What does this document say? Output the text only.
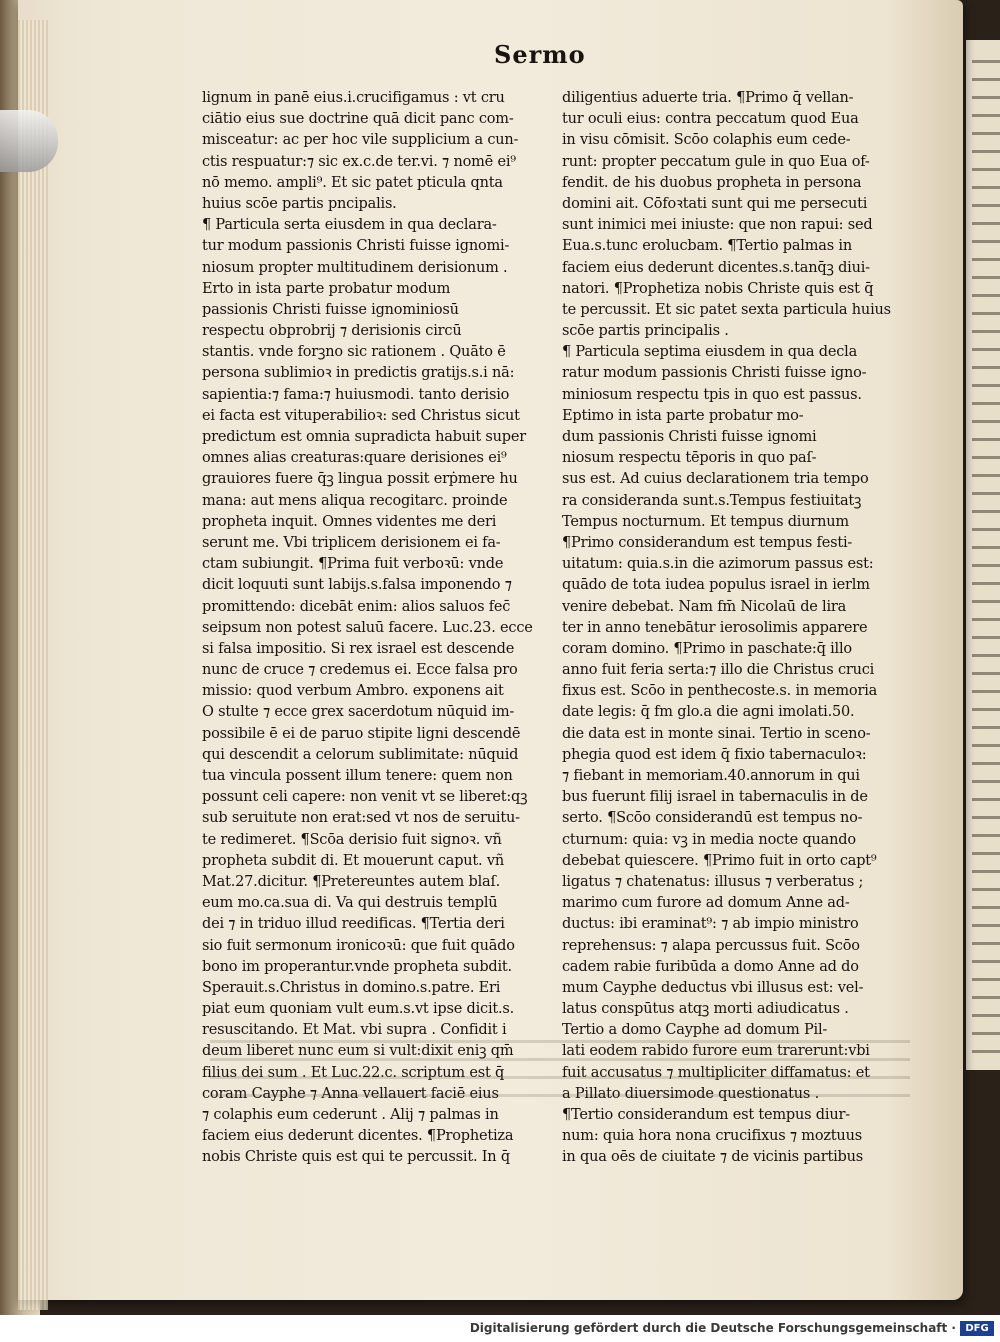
Sermo
lignum in panē eius.i.crucifigamus : vt cru
ciātio eius sue doctrine quā dicit panc com-
misceatur: ac per hoc vile supplicium a cun-
ctis respuatur:⁊ sic ex.c.de ter.vi. ⁊ nomē ei⁹
nō memo. ampli⁹. Et sic patet pticula qnta
huius scōe partis pncipalis.
¶ Particula serta eiusdem in qua declara-
tur modum passionis Christi fuisse ignomi-
niosum propter multitudinem derisionum .
Erto in ista parte probatur modum
passionis Christi fuisse ignominiosū
respectu obprobrij ⁊ derisionis circū
stantis. vnde forꝫno sic rationem . Quāto ē
persona sublimioꝛ in predictis gratijs.s.i nā:
sapientia:⁊ fama:⁊ huiusmodi. tanto derisio
ei facta est vituperabilioꝛ: sed Christus sicut
predictum est omnia supradicta habuit super
omnes alias creaturas:quare derisiones ei⁹
grauiores fuere q̄ꝫ lingua possit erṗmere hu
mana: aut mens aliqua recogitarc. proinde
propheta inquit. Omnes videntes me deri
serunt me. Vbi triplicem derisionem ei fa-
ctam subiungit. ¶Prima fuit verboꝛū: vnde
dicit loquuti sunt labijs.s.falsa imponendo ⁊
promittendo: dicebāt enim: alios saluos fec̄
seipsum non potest saluū facere. Luc.23. ecce
si falsa impositio. Si rex israel est descende
nunc de cruce ⁊ credemus ei. Ecce falsa pro
missio: quod verbum Ambro. exponens ait
O stulte ⁊ ecce grex sacerdotum nūquid im-
possibile ē ei de paruo stipite ligni descendē
qui descendit a celorum sublimitate: nūquid
tua vincula possent illum tenere: quem non
possunt celi capere: non venit vt se liberet:qꝫ
sub seruitute non erat:sed vt nos de seruitu-
te redimeret. ¶Scōa derisio fuit signoꝛ. vñ
propheta subdit di. Et mouerunt caput. vñ
Mat.27.dicitur. ¶Pretereuntes autem blaſ.
eum mo.ca.sua di. Va qui destruis templū
dei ⁊ in triduo illud reedificas. ¶Tertia deri
sio fuit sermonum ironicoꝛū: que fuit quādo
bono im properantur.vnde propheta subdit.
Sperauit.s.Christus in domino.s.patre. Eri
piat eum quoniam vult eum.s.vt ipse dicit.s.
resuscitando. Et Mat. vbi supra . Confidit i
deum liberet nunc eum si vult:dixit eniꝫ qm̄
filius dei sum . Et Luc.22.c. scriptum est q̄
coram Cayphe ⁊ Anna vellauert faciē eius
⁊ colaphis eum cederunt . Alij ⁊ palmas in
faciem eius dederunt dicentes. ¶Prophetiza
nobis Christe quis est qui te percussit. In q̄
diligentius aduerte tria. ¶Primo q̄ vellan-
tur oculi eius: contra peccatum quod Eua
in visu cōmisit. Scōo colaphis eum cede-
runt: propter peccatum gule in quo Eua of-
fendit. de his duobus propheta in persona
domini ait. Cōfoꝛtati sunt qui me persecuti
sunt inimici mei iniuste: que non rapui: sed
Eua.s.tunc erolucbam. ¶Tertio palmas in
faciem eius dederunt dicentes.s.tanq̄ꝫ diui-
natori. ¶Prophetiza nobis Christe quis est q̄
te percussit. Et sic patet sexta particula huius
scōe partis principalis .
¶ Particula septima eiusdem in qua decla
ratur modum passionis Christi fuisse igno-
miniosum respectu tpis in quo est passus.
Eptimo in ista parte probatur mo-
dum passionis Christi fuisse ignomi
niosum respectu tēporis in quo paſ-
sus est. Ad cuius declarationem tria tempo
ra consideranda sunt.s.Tempus festiuitatꝫ
Tempus nocturnum. Et tempus diurnum
¶Primo considerandum est tempus festi-
uitatum: quia.s.in die azimorum passus est:
quādo de tota iudea populus israel in ierlm
venire debebat. Nam fm̄ Nicolaū de lira
ter in anno tenebātur ierosolimis apparere
coram domino. ¶Primo in paschate:q̄ illo
anno fuit feria serta:⁊ illo die Christus cruci
fixus est. Scōo in penthecoste.s. in memoria
date legis: q̄ fm glo.a die agni imolati.50.
die data est in monte sinai. Tertio in sceno-
phegia quod est idem q̄ fixio tabernaculoꝛ:
⁊ fiebant in memoriam.40.annorum in qui
bus fuerunt filij israel in tabernaculis in de
serto. ¶Scōo considerandū est tempus no-
cturnum: quia: vꝫ in media nocte quando
debebat quiescere. ¶Primo fuit in orto capt⁹
ligatus ⁊ chatenatus: illusus ⁊ verberatus ;
marimo cum furore ad domum Anne ad-
ductus: ibi eraminat⁹: ⁊ ab impio ministro
reprehensus: ⁊ alapa percussus fuit. Scōo
cadem rabie furibūda a domo Anne ad do
mum Cayphe deductus vbi illusus est: vel-
latus conspūtus atqꝫ morti adiudicatus .
Tertio a domo Cayphe ad domum Pil-
lati eodem rabido furore eum trarerunt:vbi
fuit accusatus ⁊ multipliciter diffamatus: et
a Pillato diuersimode questionatus .
¶Tertio considerandum est tempus diur-
num: quia hora nona crucifixus ⁊ moztuus
in qua oēs de ciuitate ⁊ de vicinis partibus
Digitalisierung gefördert durch die Deutsche Forschungsgemeinschaft · DFG
